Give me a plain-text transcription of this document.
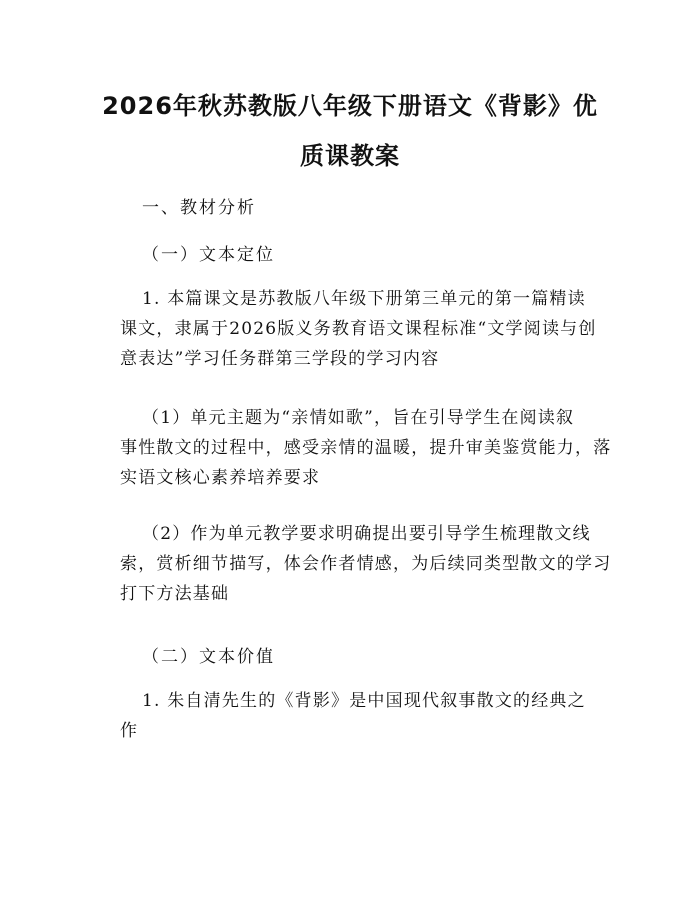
2026年秋苏教版八年级下册语文《背影》优
质课教案

一、教材分析

（一）文本定位

1. 本篇课文是苏教版八年级下册第三单元的第一篇精读
课文，隶属于2026版义务教育语文课程标准“文学阅读与创
意表达”学习任务群第三学段的学习内容
（1）单元主题为“亲情如歌”，旨在引导学生在阅读叙
事性散文的过程中，感受亲情的温暖，提升审美鉴赏能力，落
实语文核心素养培养要求
（2）作为单元教学要求明确提出要引导学生梳理散文线
索，赏析细节描写，体会作者情感，为后续同类型散文的学习
打下方法基础

（二）文本价值

1. 朱自清先生的《背影》是中国现代叙事散文的经典之
作
